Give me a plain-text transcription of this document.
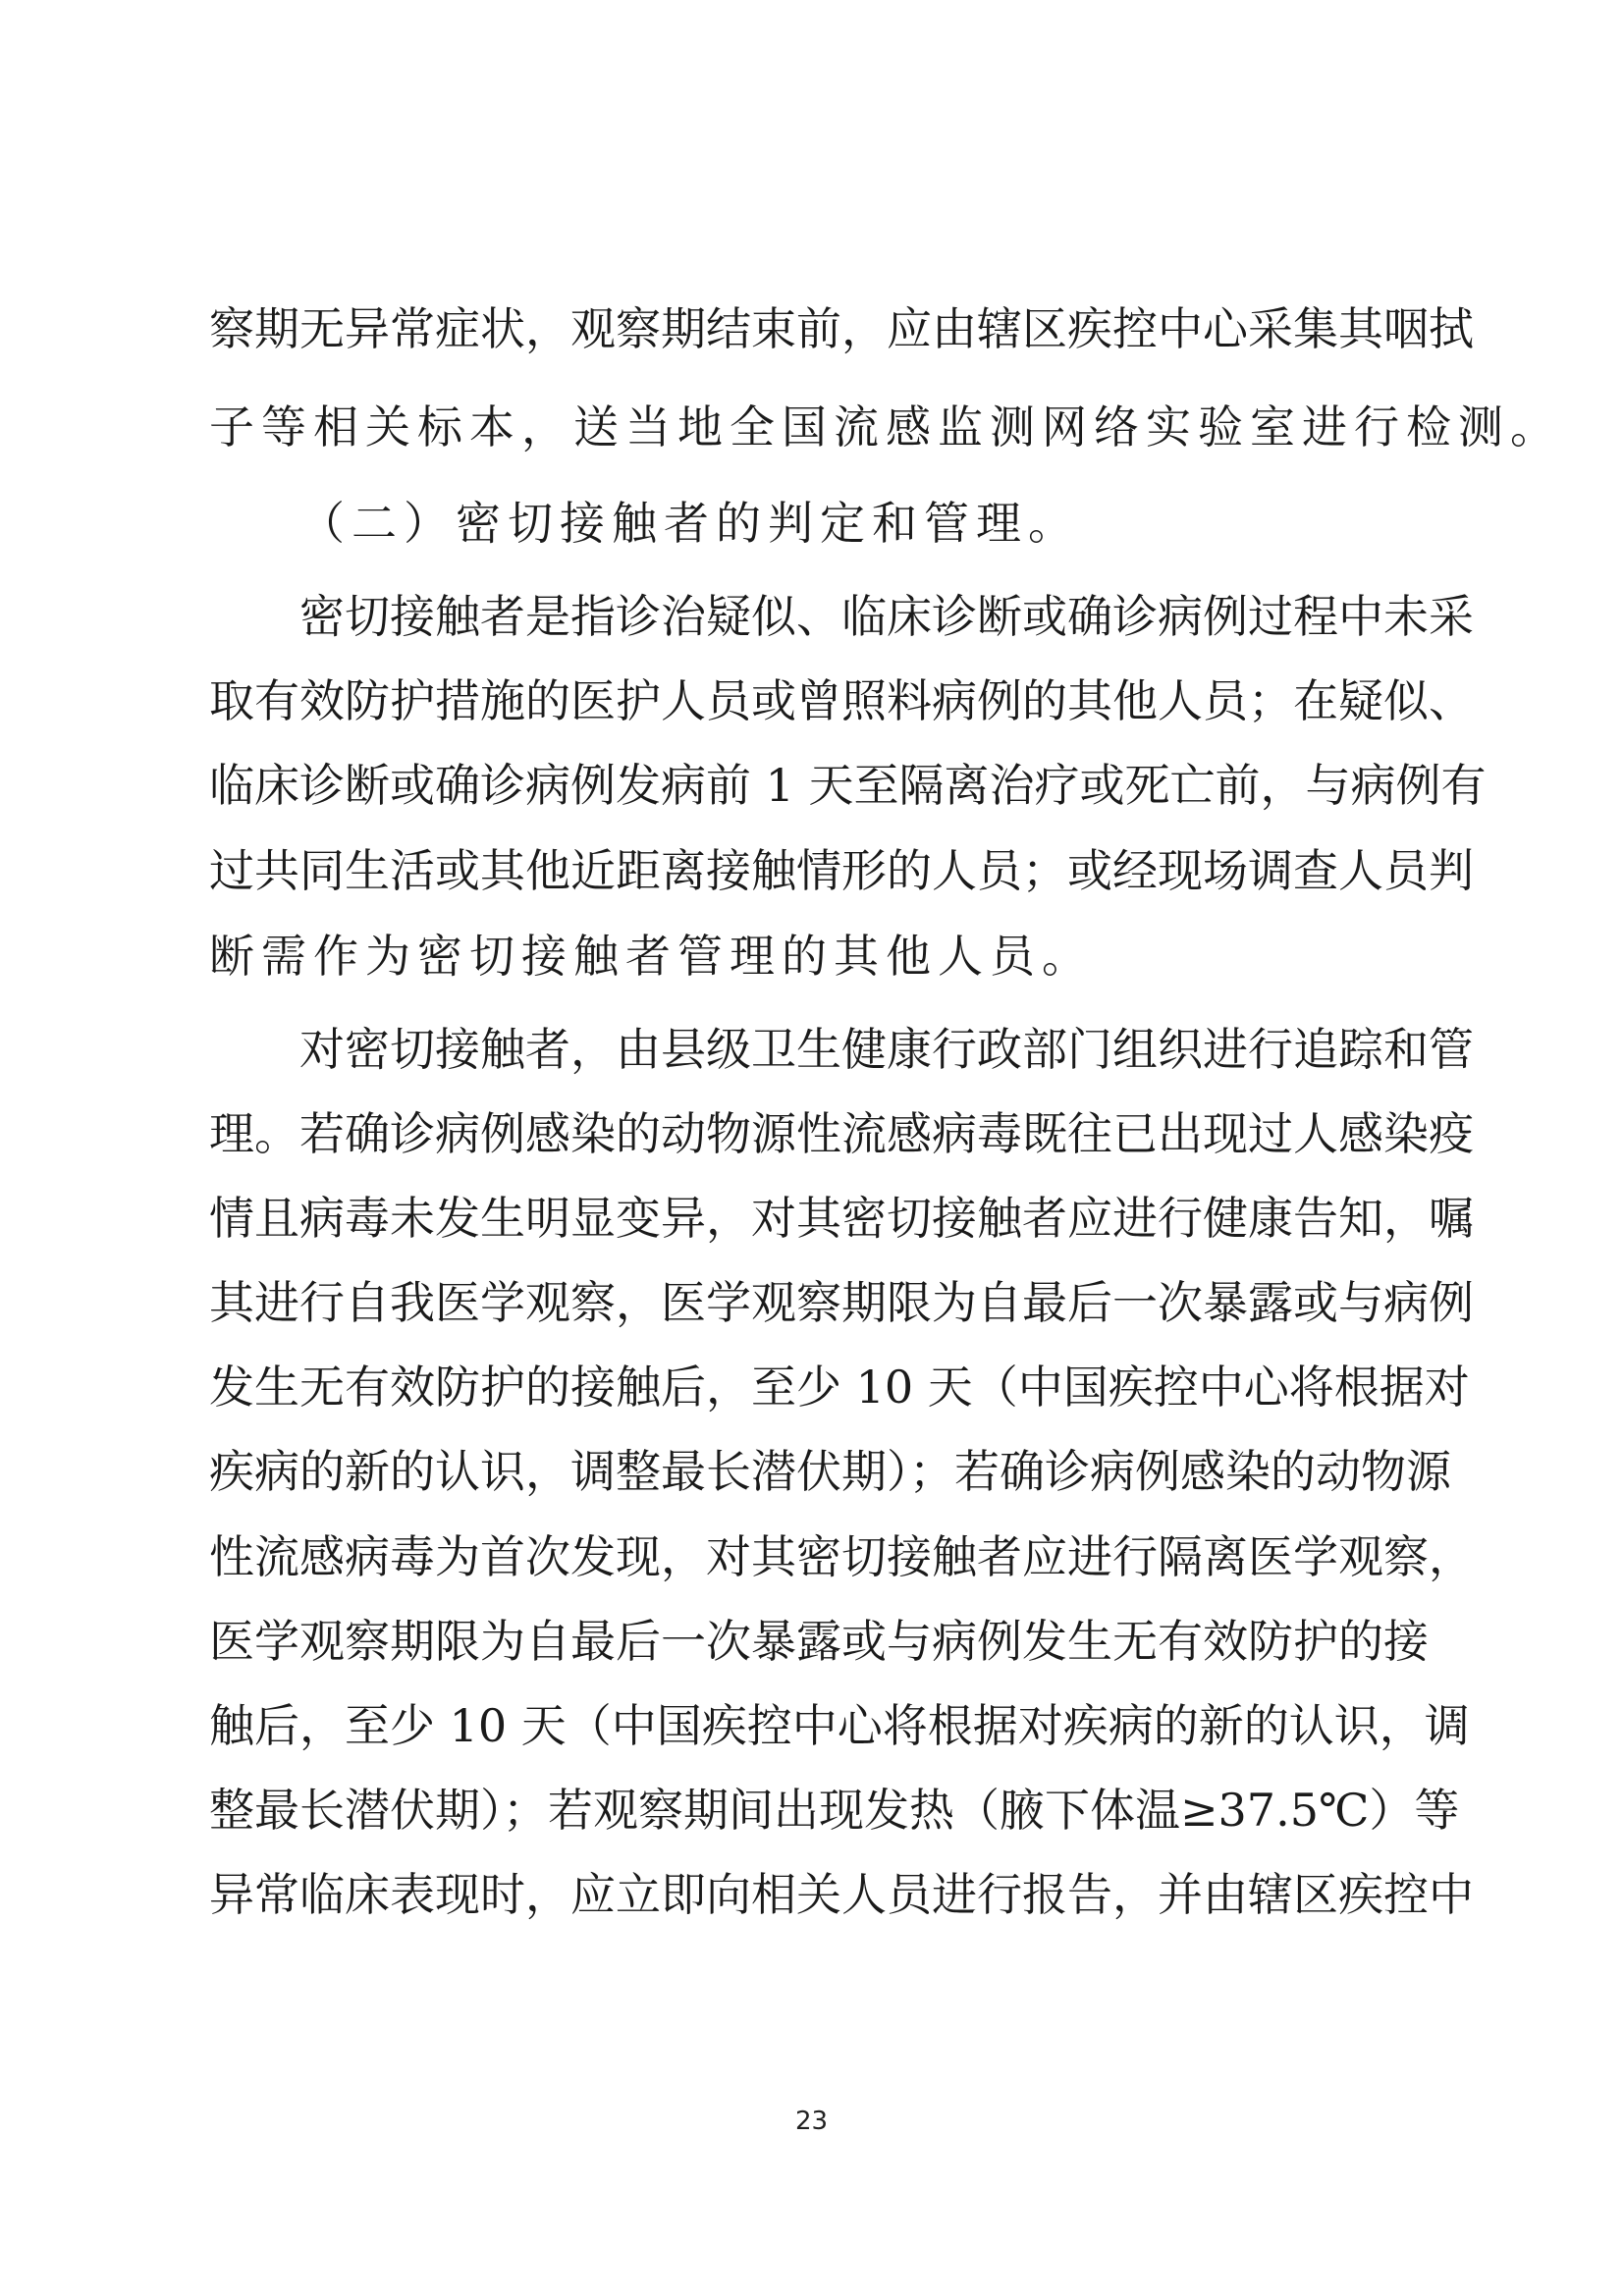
察期无异常症状，观察期结束前，应由辖区疾控中心采集其咽拭
子等相关标本，送当地全国流感监测网络实验室进行检测。
（二）密切接触者的判定和管理。
密切接触者是指诊治疑似、临床诊断或确诊病例过程中未采
取有效防护措施的医护人员或曾照料病例的其他人员；在疑似、
临床诊断或确诊病例发病前 1 天至隔离治疗或死亡前，与病例有
过共同生活或其他近距离接触情形的人员；或经现场调查人员判
断需作为密切接触者管理的其他人员。
对密切接触者，由县级卫生健康行政部门组织进行追踪和管
理。若确诊病例感染的动物源性流感病毒既往已出现过人感染疫
情且病毒未发生明显变异，对其密切接触者应进行健康告知，嘱
其进行自我医学观察，医学观察期限为自最后一次暴露或与病例
发生无有效防护的接触后，至少 10 天（中国疾控中心将根据对
疾病的新的认识，调整最长潜伏期）；若确诊病例感染的动物源
性流感病毒为首次发现，对其密切接触者应进行隔离医学观察，
医学观察期限为自最后一次暴露或与病例发生无有效防护的接
触后，至少 10 天（中国疾控中心将根据对疾病的新的认识，调
整最长潜伏期）；若观察期间出现发热（腋下体温≥37.5℃）等
异常临床表现时，应立即向相关人员进行报告，并由辖区疾控中
23
